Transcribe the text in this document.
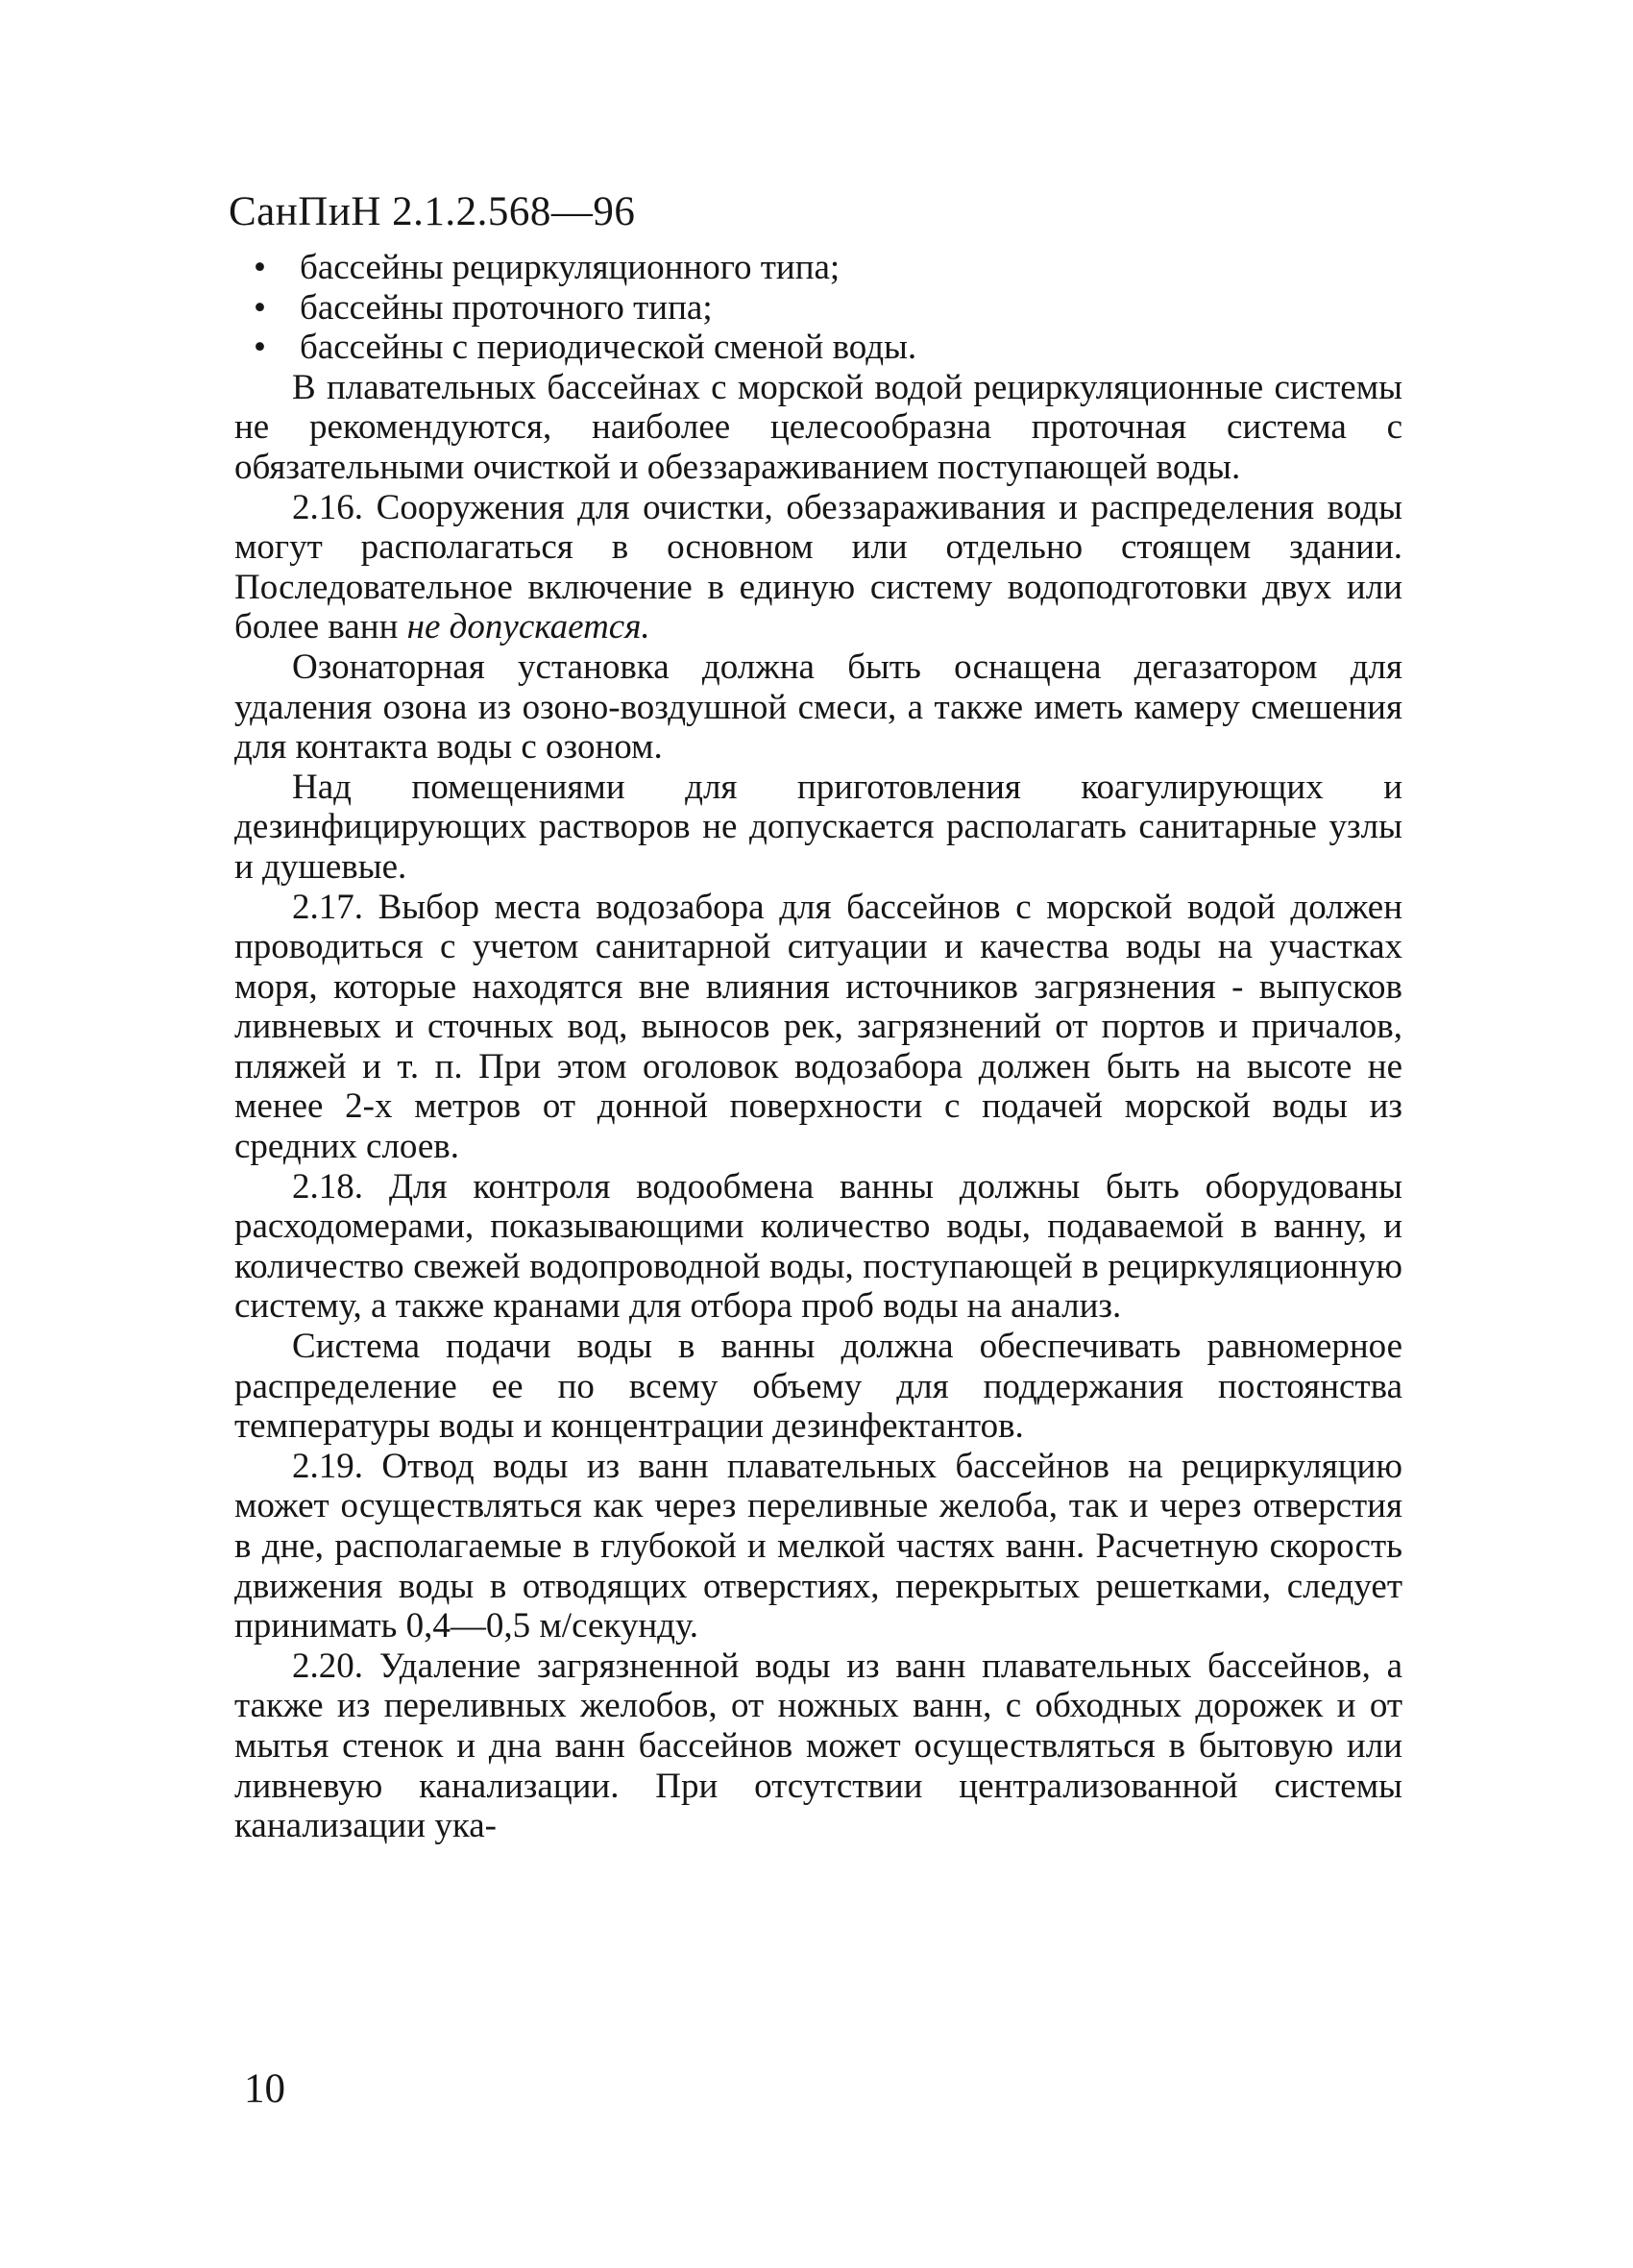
СанПиН 2.1.2.568—96
• бассейны рециркуляционного типа;
• бассейны проточного типа;
• бассейны с периодической сменой воды.

В плавательных бассейнах с морской водой рециркуляционные системы не рекомендуются, наиболее целесообразна проточная система с обязательными очисткой и обеззараживанием поступающей воды.

2.16. Сооружения для очистки, обеззараживания и распределения воды могут располагаться в основном или отдельно стоящем здании. Последовательное включение в единую систему водоподготовки двух или более ванн не допускается.

Озонаторная установка должна быть оснащена дегазатором для удаления озона из озоно-воздушной смеси, а также иметь камеру смешения для контакта воды с озоном.

Над помещениями для приготовления коагулирующих и дезинфицирующих растворов не допускается располагать санитарные узлы и душевые.

2.17. Выбор места водозабора для бассейнов с морской водой должен проводиться с учетом санитарной ситуации и качества воды на участках моря, которые находятся вне влияния источников загрязнения - выпусков ливневых и сточных вод, выносов рек, загрязнений от портов и причалов, пляжей и т. п. При этом оголовок водозабора должен быть на высоте не менее 2-х метров от донной поверхности с подачей морской воды из средних слоев.

2.18. Для контроля водообмена ванны должны быть оборудованы расходомерами, показывающими количество воды, подаваемой в ванну, и количество свежей водопроводной воды, поступающей в рециркуляционную систему, а также кранами для отбора проб воды на анализ.

Система подачи воды в ванны должна обеспечивать равномерное распределение ее по всему объему для поддержания постоянства температуры воды и концентрации дезинфектантов.

2.19. Отвод воды из ванн плавательных бассейнов на рециркуляцию может осуществляться как через переливные желоба, так и через отверстия в дне, располагаемые в глубокой и мелкой частях ванн. Расчетную скорость движения воды в отводящих отверстиях, перекрытых решетками, следует принимать 0,4—0,5 м/секунду.

2.20. Удаление загрязненной воды из ванн плавательных бассейнов, а также из переливных желобов, от ножных ванн, с обходных дорожек и от мытья стенок и дна ванн бассейнов может осуществляться в бытовую или ливневую канализации. При отсутствии централизованной системы канализации ука-

10
